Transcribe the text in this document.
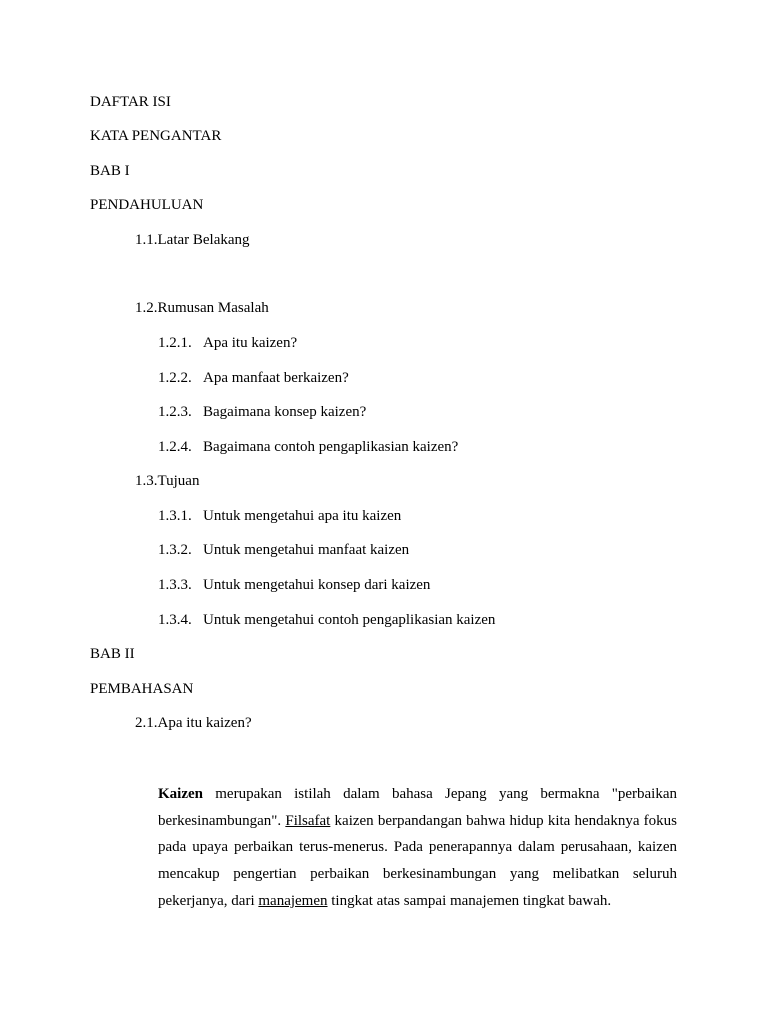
DAFTAR ISI
KATA PENGANTAR
BAB I
PENDAHULUAN
1.1.Latar Belakang
1.2.Rumusan Masalah
1.2.1. Apa itu kaizen?
1.2.2. Apa manfaat berkaizen?
1.2.3. Bagaimana konsep kaizen?
1.2.4. Bagaimana contoh pengaplikasian kaizen?
1.3.Tujuan
1.3.1. Untuk mengetahui apa itu kaizen
1.3.2. Untuk mengetahui manfaat kaizen
1.3.3. Untuk mengetahui konsep dari kaizen
1.3.4. Untuk mengetahui contoh pengaplikasian kaizen
BAB II
PEMBAHASAN
2.1.Apa itu kaizen?
Kaizen merupakan istilah dalam bahasa Jepang yang bermakna "perbaikan berkesinambungan". Filsafat kaizen berpandangan bahwa hidup kita hendaknya fokus pada upaya perbaikan terus-menerus. Pada penerapannya dalam perusahaan, kaizen mencakup pengertian perbaikan berkesinambungan yang melibatkan seluruh pekerjanya, dari manajemen tingkat atas sampai manajemen tingkat bawah.
